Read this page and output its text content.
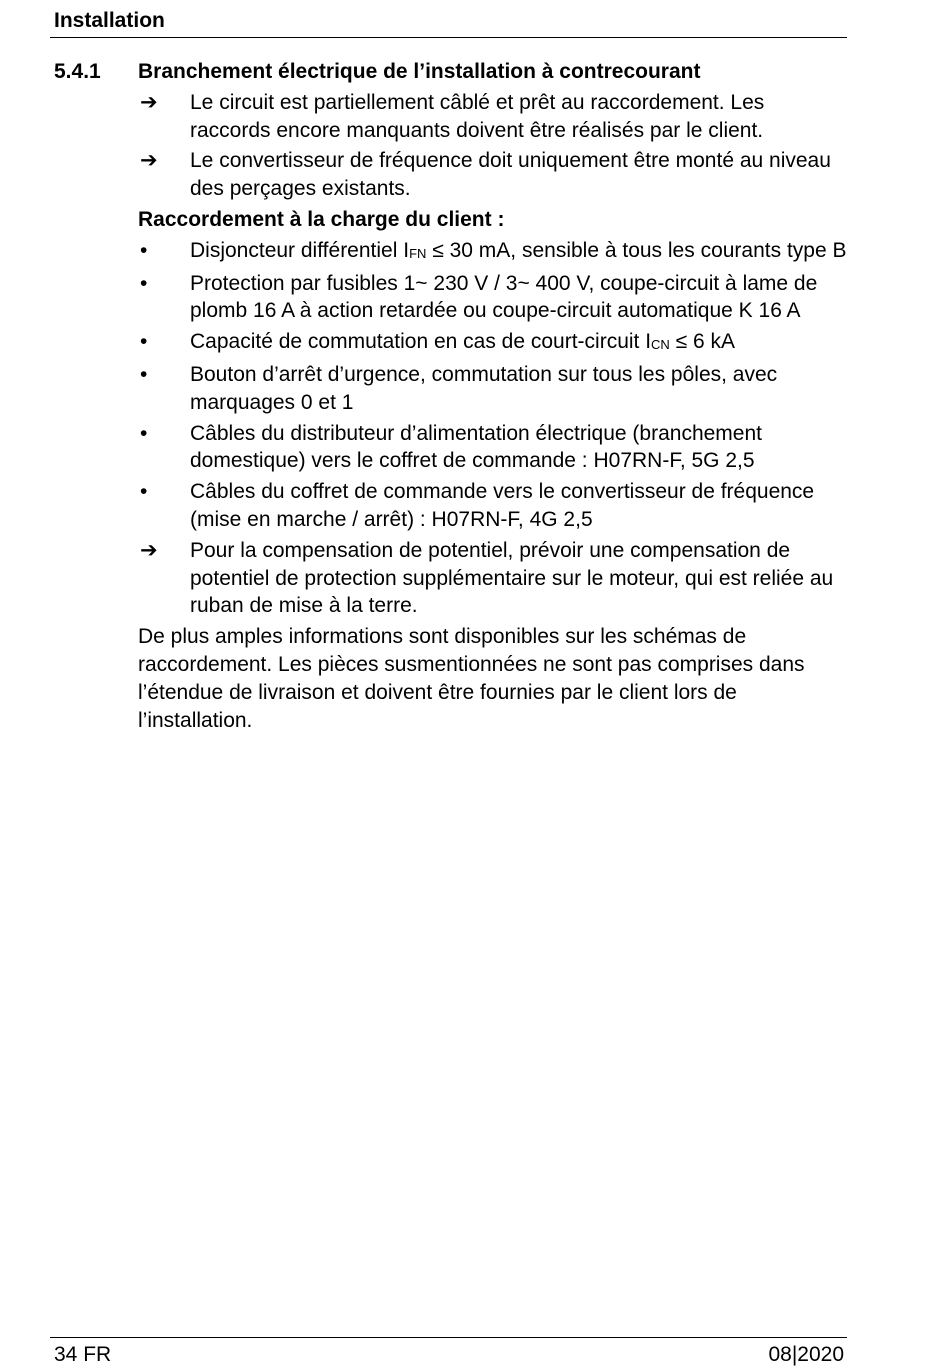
Installation
5.4.1 Branchement électrique de l’installation à contrecourant
➔	Le circuit est partiellement câblé et prêt au raccordement. Les raccords encore manquants doivent être réalisés par le client.
➔	Le convertisseur de fréquence doit uniquement être monté au niveau des perçages existants.
Raccordement à la charge du client :
•	Disjoncteur différentiel IFN ≤ 30 mA, sensible à tous les courants type B
•	Protection par fusibles 1~ 230 V / 3~ 400 V, coupe-circuit à lame de plomb 16 A à action retardée ou coupe-circuit automatique K 16 A
•	Capacité de commutation en cas de court-circuit ICN ≤ 6 kA
•	Bouton d’arrêt d’urgence, commutation sur tous les pôles, avec marquages 0 et 1
•	Câbles du distributeur d’alimentation électrique (branchement domestique) vers le coffret de commande : H07RN-F, 5G 2,5
•	Câbles du coffret de commande vers le convertisseur de fréquence (mise en marche / arrêt) : H07RN-F, 4G 2,5
➔	Pour la compensation de potentiel, prévoir une compensation de potentiel de protection supplémentaire sur le moteur, qui est reliée au ruban de mise à la terre.

De plus amples informations sont disponibles sur les schémas de raccordement. Les pièces susmentionnées ne sont pas comprises dans l’étendue de livraison et doivent être fournies par le client lors de l’installation.

34 FR	08|2020
